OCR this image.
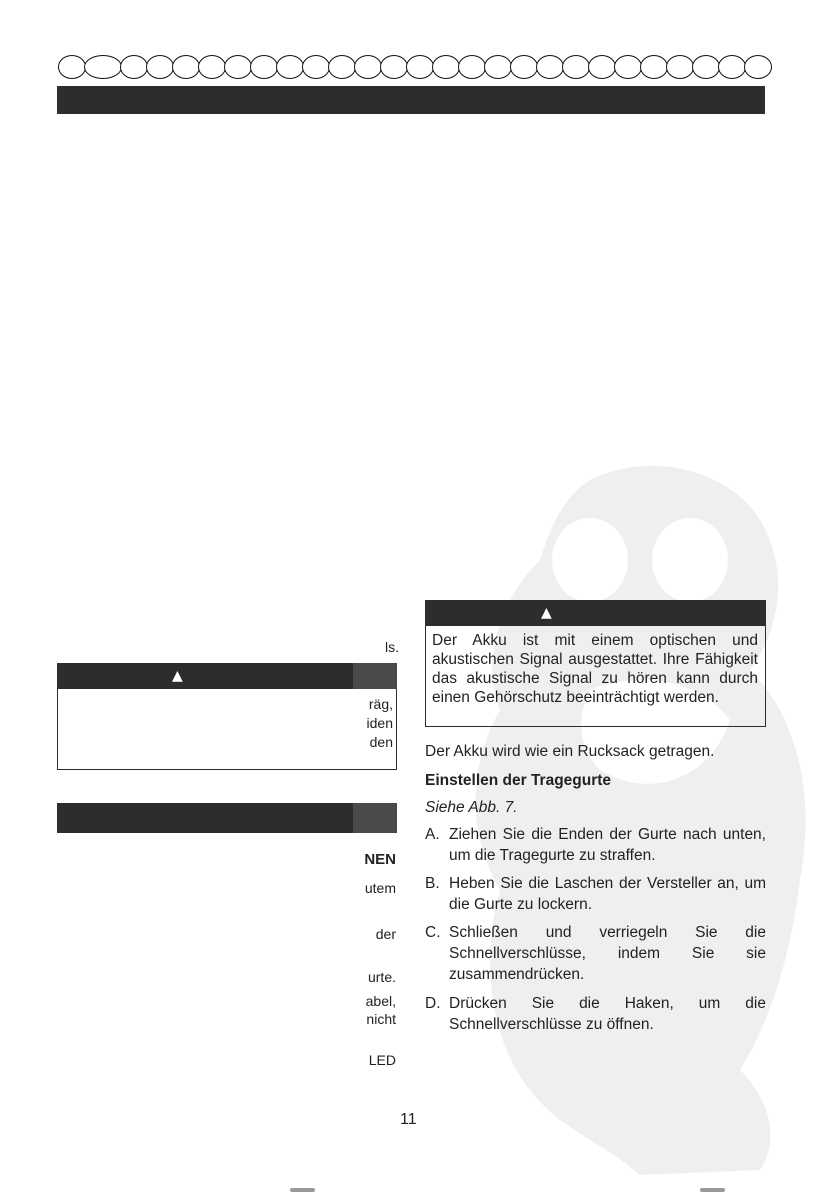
ls.
▲
räg,
iden
den
NEN
utem
der
urte.
abel,
nicht
LED
▲
Der Akku ist mit einem optischen und akustischen Signal ausgestattet. Ihre Fähigkeit das akustische Signal zu hören kann durch einen Gehörschutz beeinträchtigt werden.
Der Akku wird wie ein Rucksack getragen.
Einstellen der Tragegurte
Siehe Abb. 7.
A. Ziehen Sie die Enden der Gurte nach unten, um die Tragegurte zu straffen.
B. Heben Sie die Laschen der Versteller an, um die Gurte zu lockern.
C. Schließen und verriegeln Sie die Schnellverschlüsse, indem Sie sie zusammendrücken.
D. Drücken Sie die Haken, um die Schnellverschlüsse zu öffnen.
11
